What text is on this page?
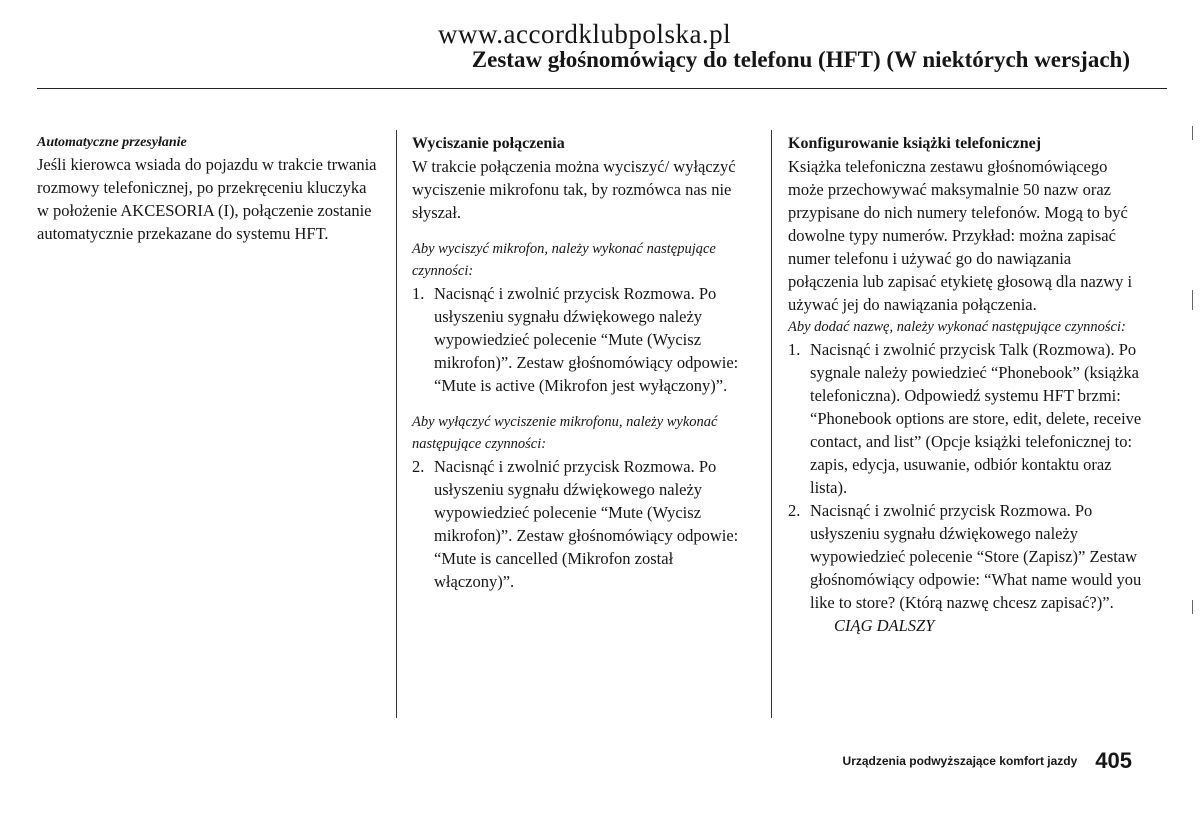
www.accordklubpolska.pl
Zestaw głośnomówiący do telefonu (HFT) (W niektórych wersjach)
Automatyczne przesyłanie

Jeśli kierowca wsiada do pojazdu w trakcie trwania rozmowy telefonicznej, po przekręceniu kluczyka w położenie AKCESORIA (I), połączenie zostanie automatycznie przekazane do systemu HFT.

Wyciszanie połączenia

W trakcie połączenia można wyciszyć/ wyłączyć wyciszenie mikrofonu tak, by rozmówca nas nie słyszał.

Aby wyciszyć mikrofon, należy wykonać następujące czynności:
1. Nacisnąć i zwolnić przycisk Rozmowa. Po usłyszeniu sygnału dźwiękowego należy wypowiedzieć polecenie “Mute (Wycisz mikrofon)”. Zestaw głośnomówiący odpowie: “Mute is active (Mikrofon jest wyłączony)”.
Aby wyłączyć wyciszenie mikrofonu, należy wykonać następujące czynności:
2. Nacisnąć i zwolnić przycisk Rozmowa. Po usłyszeniu sygnału dźwiękowego należy wypowiedzieć polecenie “Mute (Wycisz mikrofon)”. Zestaw głośnomówiący odpowie: “Mute is cancelled (Mikrofon został włączony)”.
Konfigurowanie książki telefonicznej

Książka telefoniczna zestawu głośnomówiącego może przechowywać maksymalnie 50 nazw oraz przypisane do nich numery telefonów. Mogą to być dowolne typy numerów. Przykład: można zapisać numer telefonu i używać go do nawiązania połączenia lub zapisać etykietę głosową dla nazwy i używać jej do nawiązania połączenia.

Aby dodać nazwę, należy wykonać następujące czynności:
1. Nacisnąć i zwolnić przycisk Talk (Rozmowa). Po sygnale należy powiedzieć “Phonebook” (książka telefoniczna). Odpowiedź systemu HFT brzmi: “Phonebook options are store, edit, delete, receive contact, and list” (Opcje książki telefonicznej to: zapis, edycja, usuwanie, odbiór kontaktu oraz lista).
2. Nacisnąć i zwolnić przycisk Rozmowa. Po usłyszeniu sygnału dźwiękowego należy wypowiedzieć polecenie “Store (Zapisz)” Zestaw głośnomówiący odpowie: “What name would you like to store? (Którą nazwę chcesz zapisać?)”. CIĄG DALSZY
Urządzenia podwyższające komfort jazdy 405
